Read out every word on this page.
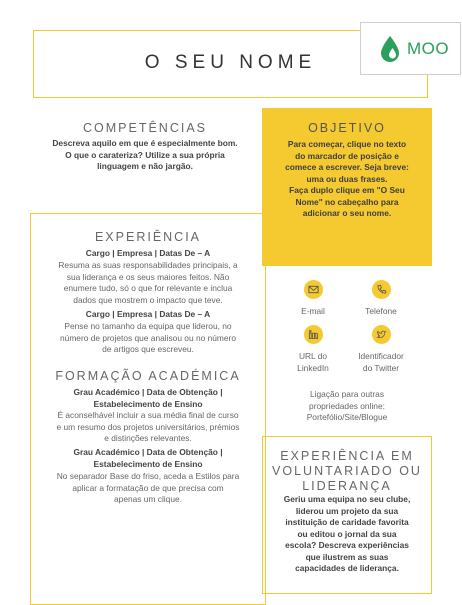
MOO
O SEU NOME
COMPETÊNCIAS
Descreva aquilo em que é especialmente bom.
O que o carateriza? Utilize a sua própria
linguagem e não jargão.
OBJETIVO
Para começar, clique no texto
do marcador de posição e
comece a escrever. Seja breve:
uma ou duas frases.
Faça duplo clique em "O Seu
Nome" no cabeçalho para
adicionar o seu nome.
EXPERIÊNCIA
Cargo | Empresa | Datas De – A
Resuma as suas responsabilidades principais, a
sua liderança e os seus maiores feitos. Não
enumere tudo, só o que for relevante e inclua
dados que mostrem o impacto que teve.
Cargo | Empresa | Datas De – A
Pense no tamanho da equipa que liderou, no
número de projetos que analisou ou no número
de artigos que escreveu.
FORMAÇÃO ACADÉMICA
Grau Académico | Data de Obtenção |
Estabelecimento de Ensino
É aconselhável incluir a sua média final de curso
e um resumo dos projetos universitários, prémios
e distinções relevantes.
Grau Académico | Data de Obtenção |
Estabelecimento de Ensino
No separador Base do friso, aceda a Estilos para
aplicar a formatação de que precisa com
apenas um clique.
E-mail	Telefone
URL do
LinkedIn
Identificador
do Twitter
Ligação para outras
propriedades online:
Portefólio/Site/Blogue
EXPERIÊNCIA EM
VOLUNTARIADO OU
LIDERANÇA
Geriu uma equipa no seu clube,
liderou um projeto da sua
instituição de caridade favorita
ou editou o jornal da sua
escola? Descreva experiências
que ilustrem as suas
capacidades de liderança.
